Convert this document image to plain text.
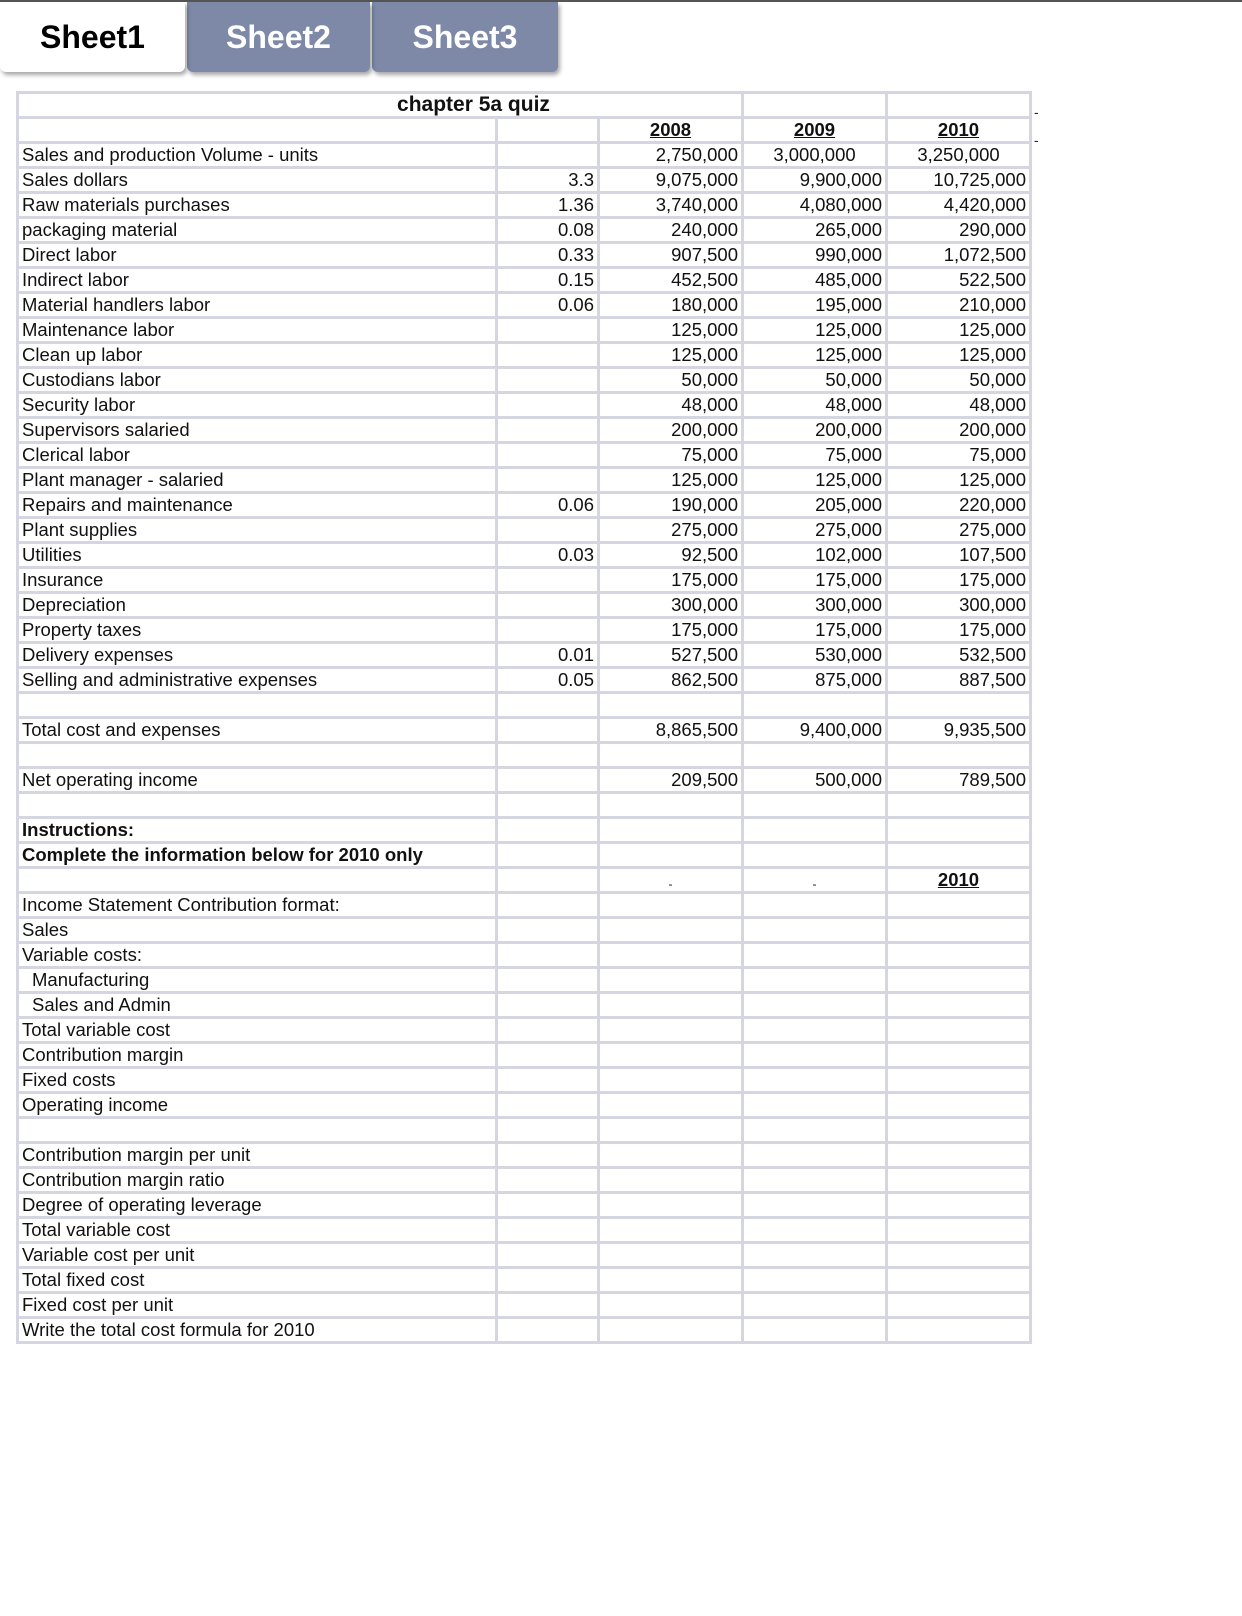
Sheet1	Sheet2	Sheet3
-
-
chapter 5a quiz				
		2008	2009	2010
Sales and production Volume - units		2,750,000	3,000,000	3,250,000
Sales dollars	3.3	9,075,000	9,900,000	10,725,000
Raw materials purchases	1.36	3,740,000	4,080,000	4,420,000
packaging material	0.08	240,000	265,000	290,000
Direct labor	0.33	907,500	990,000	1,072,500
Indirect labor	0.15	452,500	485,000	522,500
Material handlers labor	0.06	180,000	195,000	210,000
Maintenance labor		125,000	125,000	125,000
Clean up labor		125,000	125,000	125,000
Custodians labor		50,000	50,000	50,000
Security labor		48,000	48,000	48,000
Supervisors salaried		200,000	200,000	200,000
Clerical labor		75,000	75,000	75,000
Plant manager - salaried		125,000	125,000	125,000
Repairs and maintenance	0.06	190,000	205,000	220,000
Plant supplies		275,000	275,000	275,000
Utilities	0.03	92,500	102,000	107,500
Insurance		175,000	175,000	175,000
Depreciation		300,000	300,000	300,000
Property taxes		175,000	175,000	175,000
Delivery expenses	0.01	527,500	530,000	532,500
Selling and administrative expenses	0.05	862,500	875,000	887,500

Total cost and expenses		8,865,500	9,400,000	9,935,500

Net operating income		209,500	500,000	789,500

Instructions:				
Complete the information below for 2010 only				
		-	-	2010
Income Statement Contribution format:				
Sales				
Variable costs:				
Manufacturing				
Sales and Admin				
Total variable cost				
Contribution margin				
Fixed costs				
Operating income				

Contribution margin per unit				
Contribution margin ratio				
Degree of operating leverage				
Total variable cost				
Variable cost per unit				
Total fixed cost				
Fixed cost per unit				
Write the total cost formula for 2010				
